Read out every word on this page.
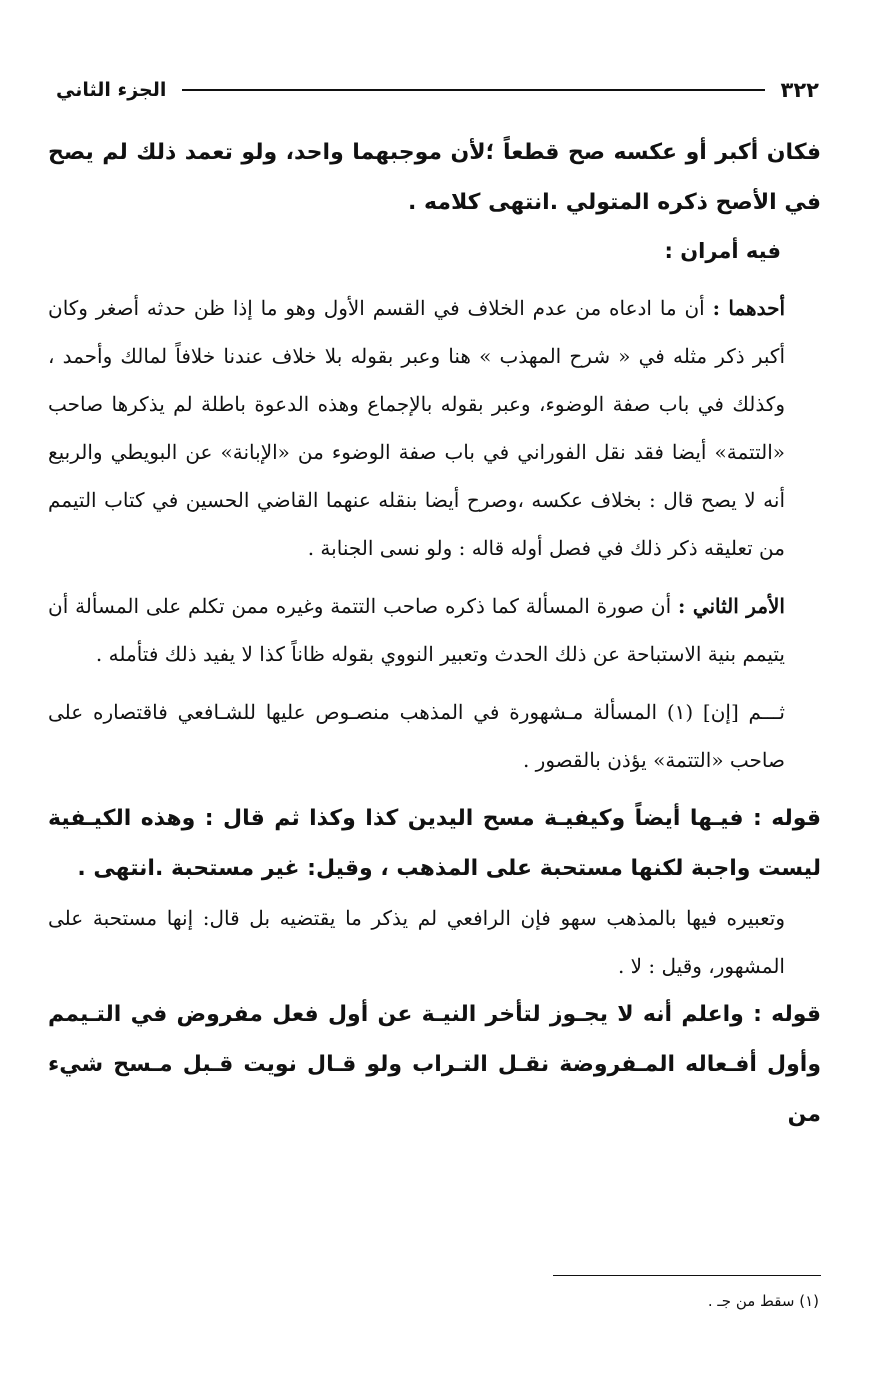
٣٢٢
الجزء الثاني

فكان أكبر أو عكسه صح قطعاً ؛لأن موجبهما واحد، ولو تعمد ذلك لم يصح في الأصح ذكره المتولي .انتهى كلامه .

فيه أمران :

أحدهما : أن ما ادعاه من عدم الخلاف في القسم الأول وهو ما إذا ظن حدثه أصغر وكان أكبر ذكر مثله في « شرح المهذب » هنا وعبر بقوله بلا خلاف عندنا خلافاً لمالك وأحمد ، وكذلك في باب صفة الوضوء، وعبر بقوله بالإجماع وهذه الدعوة باطلة لم يذكرها صاحب «التتمة» أيضا فقد نقل الفوراني في باب صفة الوضوء من «الإبانة» عن البويطي والربيع أنه لا يصح قال : بخلاف عكسه ،وصرح أيضا بنقله عنهما القاضي الحسين في كتاب التيمم من تعليقه ذكر ذلك في فصل أوله قاله : ولو نسى الجنابة .

الأمر الثاني : أن صورة المسألة كما ذكره صاحب التتمة وغيره ممن تكلم على المسألة أن يتيمم بنية الاستباحة عن ذلك الحدث وتعبير النووي بقوله ظاناً كذا لا يفيد ذلك فتأمله .

ثـــم [إن] (١) المسألة مـشهورة في المذهب منصـوص عليها للشـافعي فاقتصاره على صاحب «التتمة» يؤذن بالقصور .

قوله : فيـها أيضاً وكيفيـة مسح اليدين كذا وكذا ثم قال : وهذه الكيـفية ليست واجبة لكنها مستحبة على المذهب ، وقيل: غير مستحبة .انتهى .

وتعبيره فيها بالمذهب سهو فإن الرافعي لم يذكر ما يقتضيه بل قال: إنها مستحبة على المشهور، وقيل : لا .

قوله : واعلم أنه لا يجـوز لتأخر النيـة عن أول فعل مفروض في التـيمم وأول أفـعاله المـفروضة نقـل التـراب ولو قـال نويت قـبل مـسح شيء من

(١) سقط من جـ .
